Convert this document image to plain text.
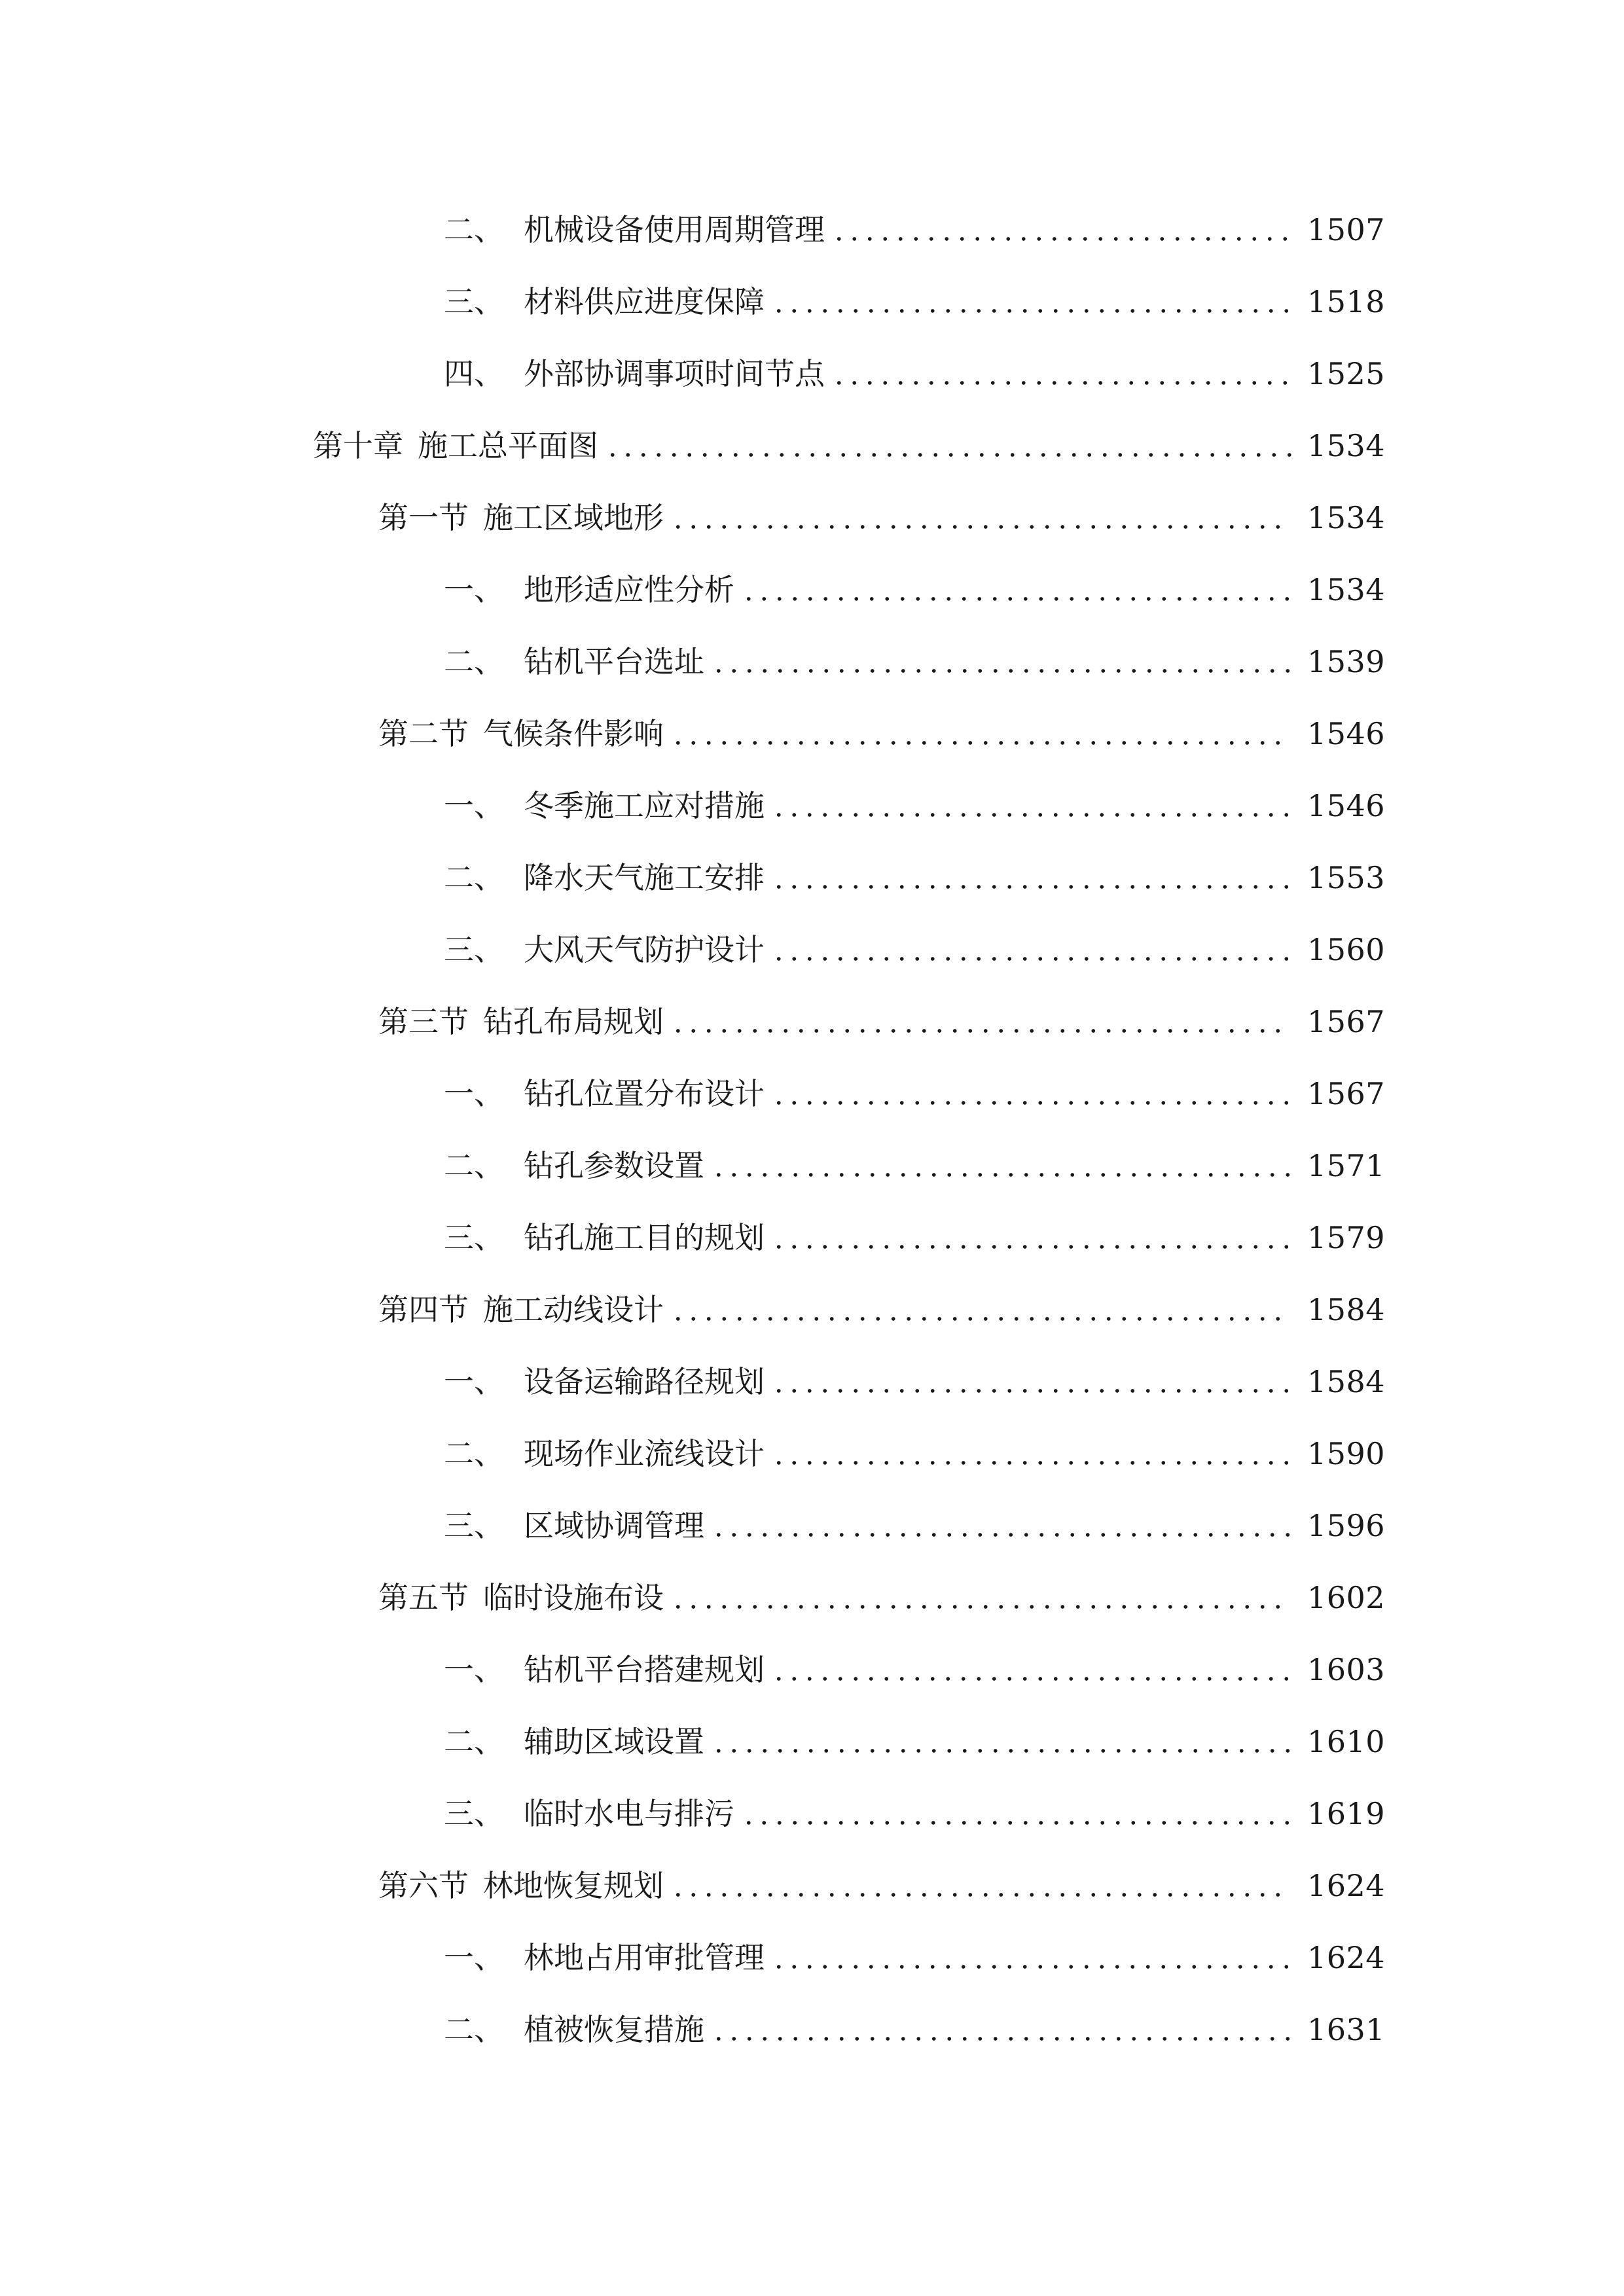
二、 机械设备使用周期管理	1507
三、 材料供应进度保障	1518
四、 外部协调事项时间节点	1525
第十章 施工总平面图	1534
第一节 施工区域地形	1534
一、 地形适应性分析	1534
二、 钻机平台选址	1539
第二节 气候条件影响	1546
一、 冬季施工应对措施	1546
二、 降水天气施工安排	1553
三、 大风天气防护设计	1560
第三节 钻孔布局规划	1567
一、 钻孔位置分布设计	1567
二、 钻孔参数设置	1571
三、 钻孔施工目的规划	1579
第四节 施工动线设计	1584
一、 设备运输路径规划	1584
二、 现场作业流线设计	1590
三、 区域协调管理	1596
第五节 临时设施布设	1602
一、 钻机平台搭建规划	1603
二、 辅助区域设置	1610
三、 临时水电与排污	1619
第六节 林地恢复规划	1624
一、 林地占用审批管理	1624
二、 植被恢复措施	1631
